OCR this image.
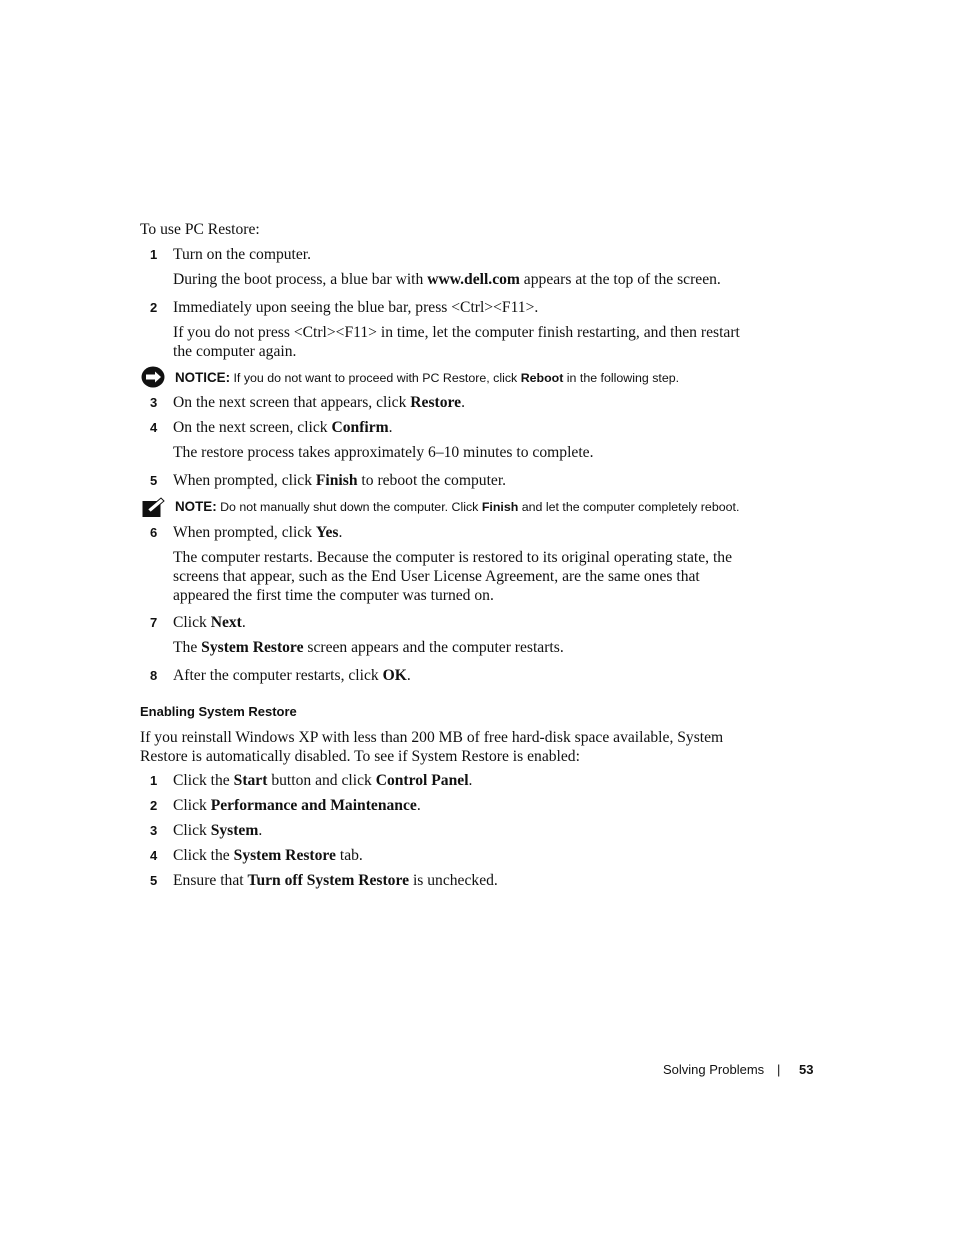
To use PC Restore:
1	Turn on the computer.
During the boot process, a blue bar with www.dell.com appears at the top of the screen.
2	Immediately upon seeing the blue bar, press <Ctrl><F11>.
If you do not press <Ctrl><F11> in time, let the computer finish restarting, and then restart the computer again.
NOTICE: If you do not want to proceed with PC Restore, click Reboot in the following step.
3	On the next screen that appears, click Restore.
4	On the next screen, click Confirm.
The restore process takes approximately 6–10 minutes to complete.
5	When prompted, click Finish to reboot the computer.
NOTE: Do not manually shut down the computer. Click Finish and let the computer completely reboot.
6	When prompted, click Yes.
The computer restarts. Because the computer is restored to its original operating state, the screens that appear, such as the End User License Agreement, are the same ones that appeared the first time the computer was turned on.
7	Click Next.
The System Restore screen appears and the computer restarts.
8	After the computer restarts, click OK.
Enabling System Restore
If you reinstall Windows XP with less than 200 MB of free hard-disk space available, System Restore is automatically disabled. To see if System Restore is enabled:
1	Click the Start button and click Control Panel.
2	Click Performance and Maintenance.
3	Click System.
4	Click the System Restore tab.
5	Ensure that Turn off System Restore is unchecked.
Solving Problems | 53
